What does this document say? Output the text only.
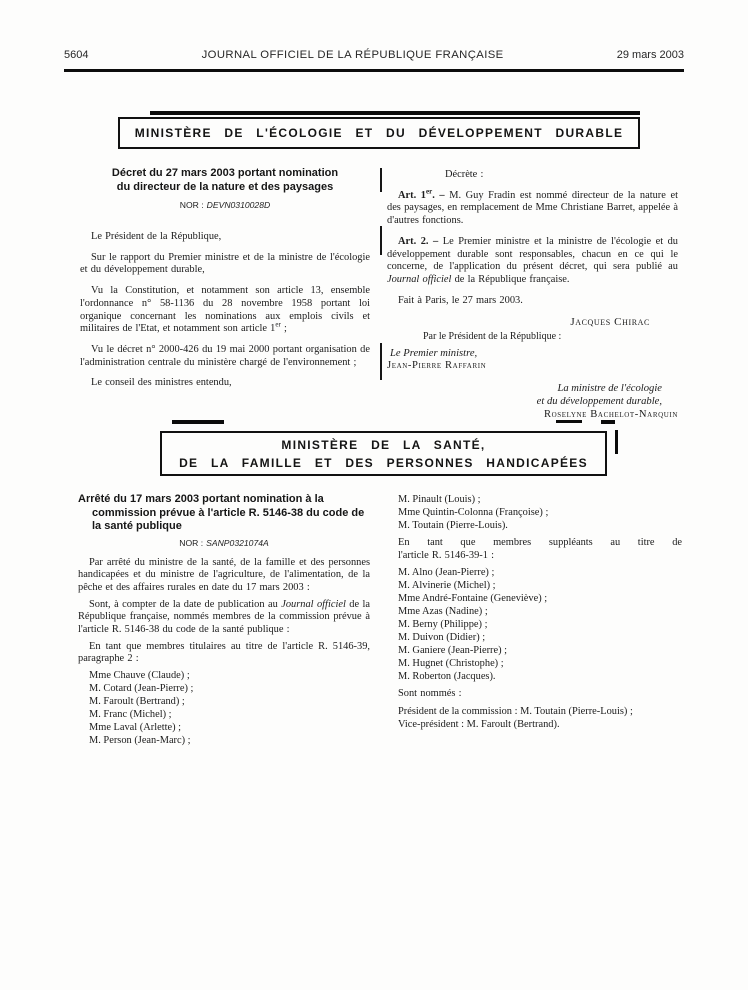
5604	JOURNAL OFFICIEL DE LA RÉPUBLIQUE FRANÇAISE	29 mars 2003
MINISTÈRE DE L'ÉCOLOGIE ET DU DÉVELOPPEMENT DURABLE
Décret du 27 mars 2003 portant nomination
du directeur de la nature et des paysages

NOR : DEVN0310028D

Le Président de la République,

Sur le rapport du Premier ministre et de la ministre de l'écologie et du développement durable,

Vu la Constitution, et notamment son article 13, ensemble l'ordonnance n° 58-1136 du 28 novembre 1958 portant loi organique concernant les nominations aux emplois civils et militaires de l'Etat, et notamment son article 1er ;

Vu le décret n° 2000-426 du 19 mai 2000 portant organisation de l'administration centrale du ministère chargé de l'environnement ;

Le conseil des ministres entendu,

Décrète :

Art. 1er. – M. Guy Fradin est nommé directeur de la nature et des paysages, en remplacement de Mme Christiane Barret, appelée à d'autres fonctions.

Art. 2. – Le Premier ministre et la ministre de l'écologie et du développement durable sont responsables, chacun en ce qui le concerne, de l'application du présent décret, qui sera publié au Journal officiel de la République française.

Fait à Paris, le 27 mars 2003.

Jacques Chirac

Par le Président de la République :

Le Premier ministre,

Jean-Pierre Raffarin

La ministre de l'écologie
et du développement durable,

Roselyne Bachelot-Narquin

MINISTÈRE DE LA SANTÉ,
DE LA FAMILLE ET DES PERSONNES HANDICAPÉES
Arrêté du 17 mars 2003 portant nomination à la commission prévue à l'article R. 5146-38 du code de la santé publique

NOR : SANP0321074A

Par arrêté du ministre de la santé, de la famille et des personnes handicapées et du ministre de l'agriculture, de l'alimentation, de la pêche et des affaires rurales en date du 17 mars 2003 :

Sont, à compter de la date de publication au Journal officiel de la République française, nommés membres de la commission prévue à l'article R. 5146-38 du code de la santé publique :

En tant que membres titulaires au titre de l'article R. 5146-39, paragraphe 2 :

Mme Chauve (Claude) ;

M. Cotard (Jean-Pierre) ;

M. Faroult (Bertrand) ;

M. Franc (Michel) ;

Mme Laval (Arlette) ;

M. Person (Jean-Marc) ;

M. Pinault (Louis) ;

Mme Quintin-Colonna (Françoise) ;

M. Toutain (Pierre-Louis).

En tant que membres suppléants au titre de
l'article R. 5146-39-1 :

M. Alno (Jean-Pierre) ;

M. Alvinerie (Michel) ;

Mme André-Fontaine (Geneviève) ;

Mme Azas (Nadine) ;

M. Berny (Philippe) ;

M. Duivon (Didier) ;

M. Ganiere (Jean-Pierre) ;

M. Hugnet (Christophe) ;

M. Roberton (Jacques).

Sont nommés :

Président de la commission : M. Toutain (Pierre-Louis) ;

Vice-président : M. Faroult (Bertrand).
